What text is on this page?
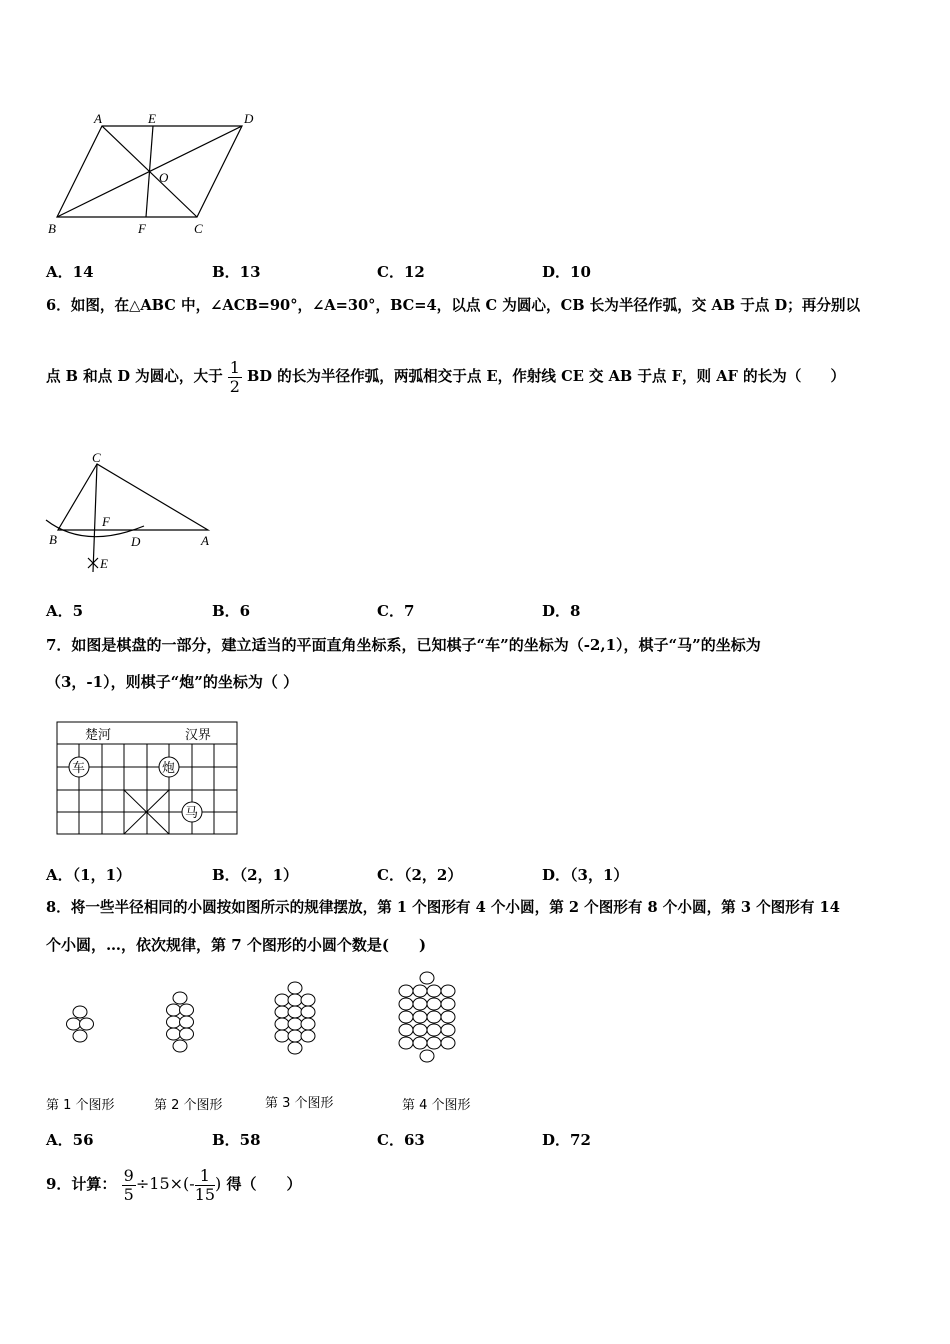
A	E	D
O
B	F	C
A．14	B．13	C．12	D．10
6．如图，在△ABC 中，∠ACB=90°，∠A=30°，BC=4，以点 C 为圆心，CB 长为半径作弧，交 AB 于点 D；再分别以
点 B 和点 D 为圆心，大于 $\frac{1}{2}$ BD 的长为半径作弧，两弧相交于点 E，作射线 CE 交 AB 于点 F，则 AF 的长为（　　）
C
F
B	D	A
E
A．5	B．6	C．7	D．8
7．如图是棋盘的一部分，建立适当的平面直角坐标系，已知棋子“车”的坐标为（-2,1），棋子“马”的坐标为
（3，-1），则棋子“炮”的坐标为（ ）
楚河	汉界
车	炮
马
A．（1，1）	B．（2，1）	C．（2，2）	D．（3，1）
8．将一些半径相同的小圆按如图所示的规律摆放，第 1 个图形有 4 个小圆，第 2 个图形有 8 个小圆，第 3 个图形有 14
个小圆，…，依次规律，第 7 个图形的小圆个数是(　　)
第 1 个图形	第 2 个图形	第 3 个图形	第 4 个图形
A．56	B．58	C．63	D．72
9．计算： $\frac{9}{5} \div 15\times(- \frac{1}{15}$ ) 得（　　）
